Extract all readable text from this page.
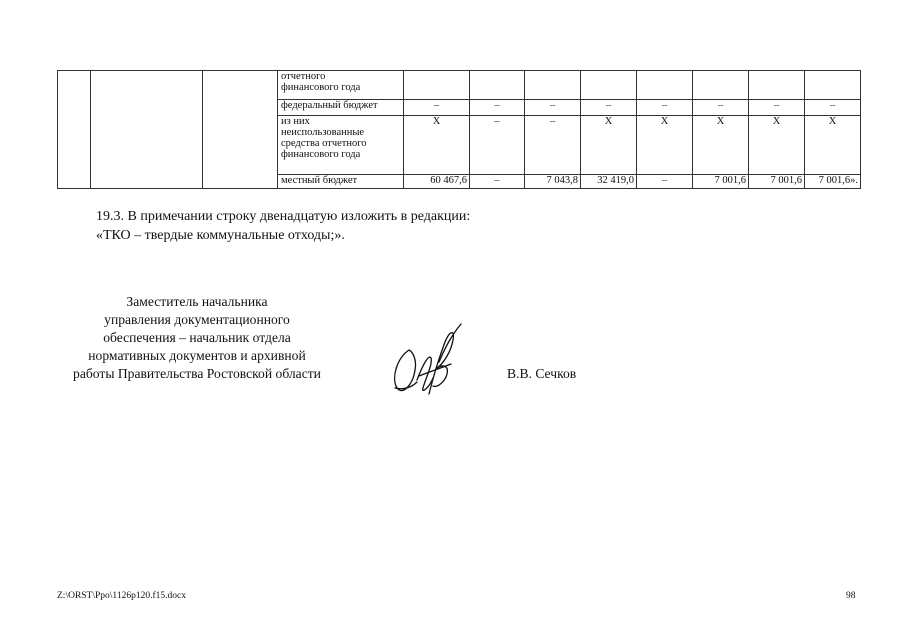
			отчетного
финансового года								

			федеральный бюджет	–	–	–	–	–	–	–	–

			из них
неиспользованные
средства отчетного
финансового года	Х	–	–	Х	Х	Х	Х	Х

			местный бюджет	60 467,6	–	7 043,8	32 419,0	–	7 001,6	7 001,6	7 001,6».
19.3. В примечании строку двенадцатую изложить в редакции:
«ТКО – твердые коммунальные отходы;».
Заместитель начальника
управления документационного
обеспечения – начальник отдела
нормативных документов и архивной
работы Правительства Ростовской области	В.В. Сечков
Z:\ORST\Ppo\1126p120.f15.docx	98
